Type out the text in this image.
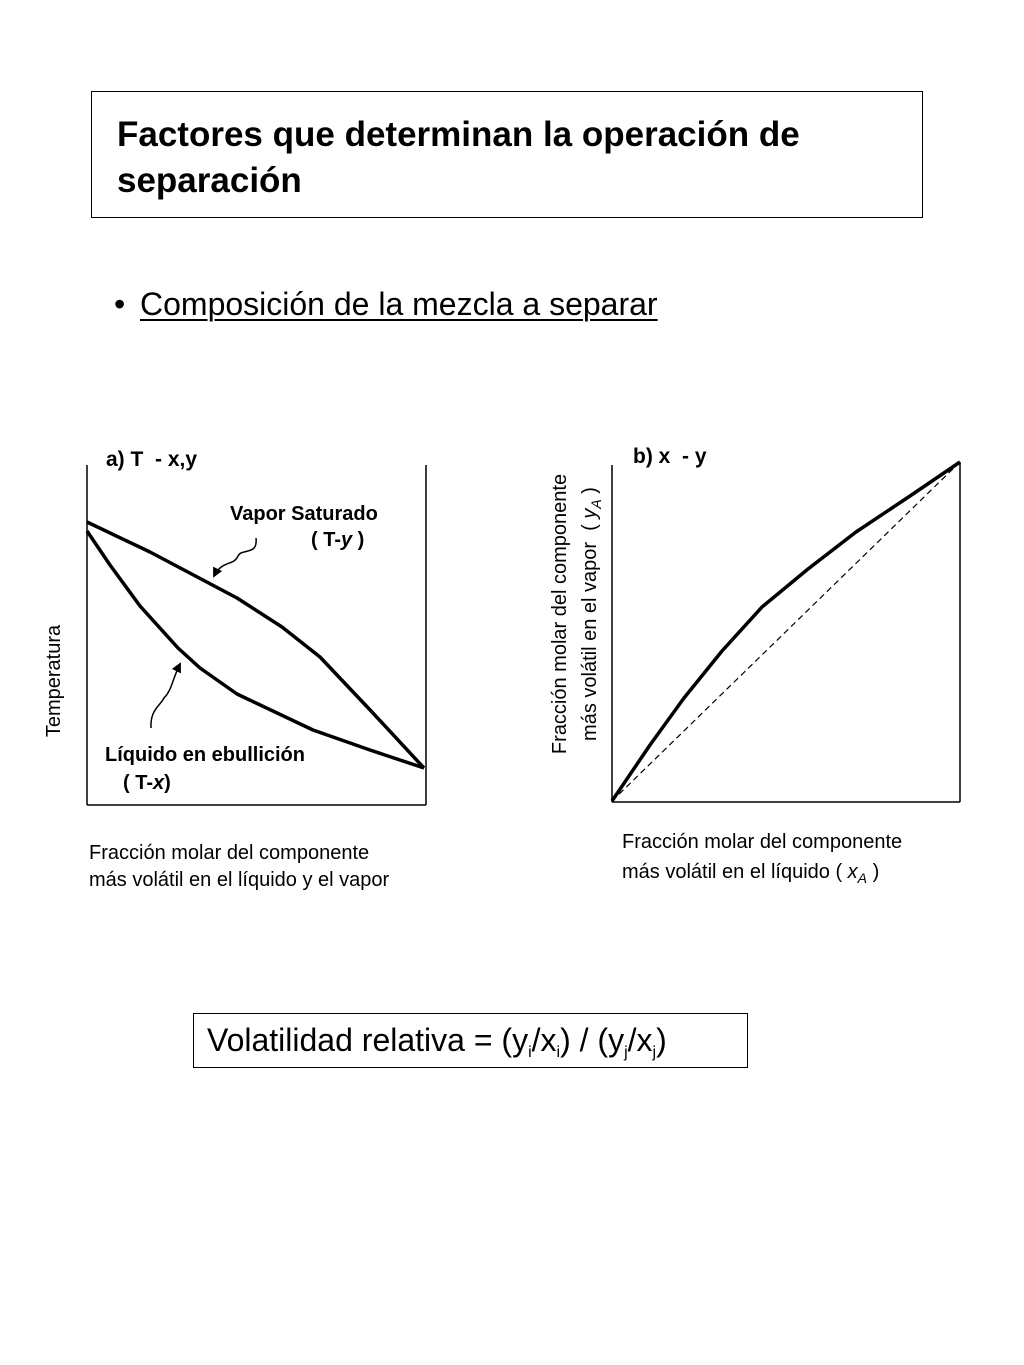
Factores que determinan la operación de separación
• Composición de la mezcla a separar
a) T  - x,y
Vapor Saturado
( T-y )
Líquido en ebullición
( T-x)
Temperatura
Fracción molar del componente
más volátil en el líquido y el vapor
b) x  - y
Fracción molar del componente más volátil en el vapor  ( $y_A$ )
Fracción molar del componente
más volátil en el líquido ( $x_A$ )
Volatilidad relativa = $(y_i/x_i) / (y_j/x_j)$
